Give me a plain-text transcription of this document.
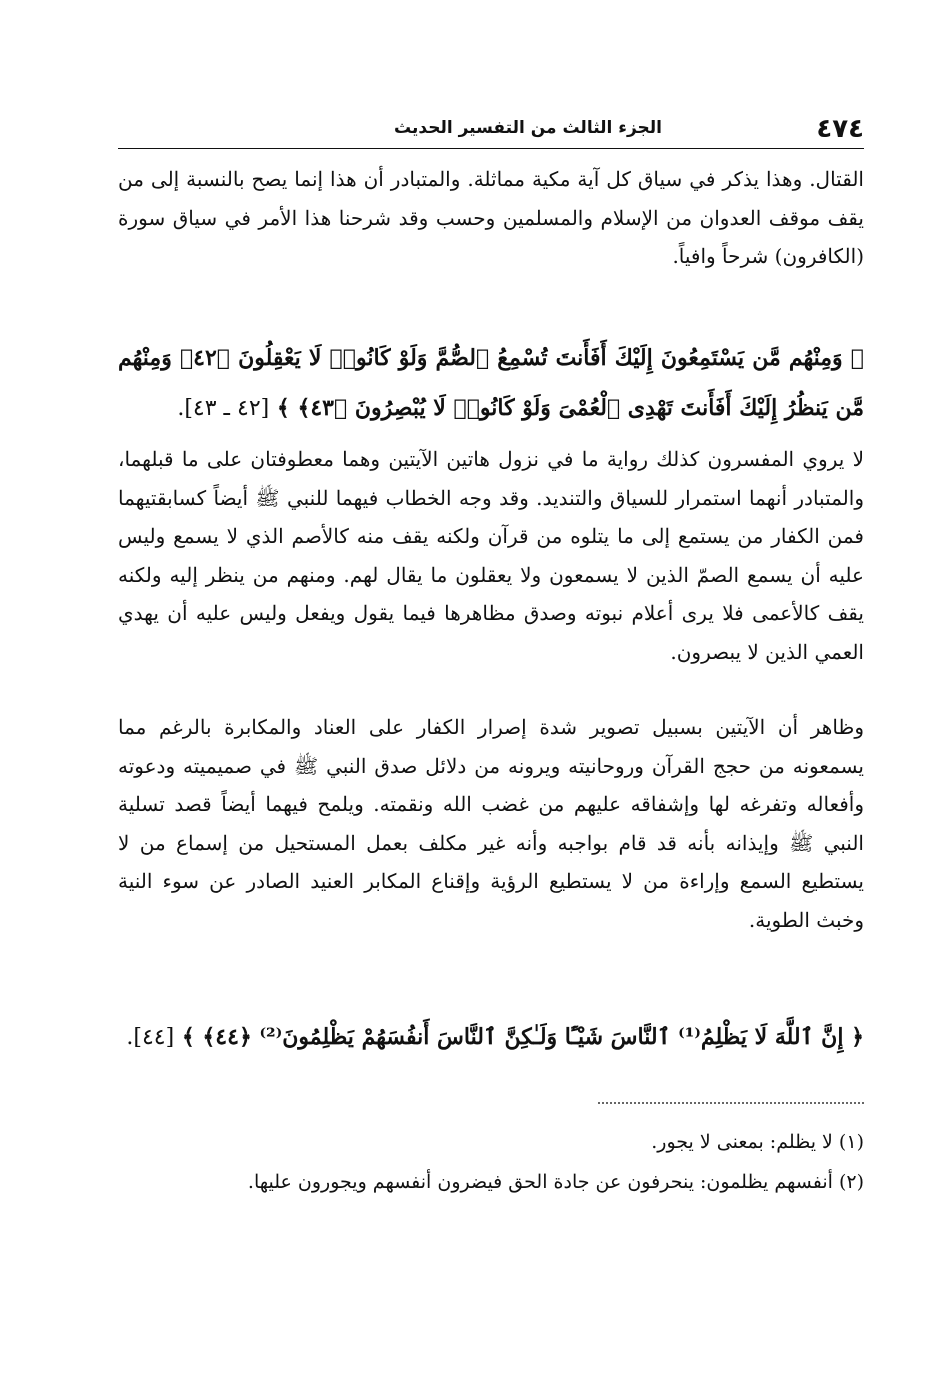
٤٧٤
الجزء الثالث من التفسير الحديث

القتال. وهذا يذكر في سياق كل آية مكية مماثلة. والمتبادر أن هذا إنما يصح بالنسبة إلى من يقف موقف العدوان من الإسلام والمسلمين وحسب وقد شرحنا هذا الأمر في سياق سورة (الكافرون) شرحاً وافياً.

﴿ وَمِنْهُم مَّن يَسْتَمِعُونَ إِلَيْكَ أَفَأَنتَ تُسْمِعُ ٱلصُّمَّ وَلَوْ كَانُوا۟ لَا يَعْقِلُونَ ﴿٤٢﴾ وَمِنْهُم مَّن يَنظُرُ إِلَيْكَ أَفَأَنتَ تَهْدِى ٱلْعُمْىَ وَلَوْ كَانُوا۟ لَا يُبْصِرُونَ ﴿٤٣﴾ ﴾ [٤٢ ـ ٤٣].

لا يروي المفسرون كذلك رواية ما في نزول هاتين الآيتين وهما معطوفتان على ما قبلهما، والمتبادر أنهما استمرار للسياق والتنديد. وقد وجه الخطاب فيهما للنبي ﷺ أيضاً كسابقتيهما فمن الكفار من يستمع إلى ما يتلوه من قرآن ولكنه يقف منه كالأصم الذي لا يسمع وليس عليه أن يسمع الصمّ الذين لا يسمعون ولا يعقلون ما يقال لهم. ومنهم من ينظر إليه ولكنه يقف كالأعمى فلا يرى أعلام نبوته وصدق مظاهرها فيما يقول ويفعل وليس عليه أن يهدي العمي الذين لا يبصرون.

وظاهر أن الآيتين بسبيل تصوير شدة إصرار الكفار على العناد والمكابرة بالرغم مما يسمعونه من حجج القرآن وروحانيته ويرونه من دلائل صدق النبي ﷺ في صميميته ودعوته وأفعاله وتفرغه لها وإشفاقه عليهم من غضب الله ونقمته. ويلمح فيهما أيضاً قصد تسلية النبي ﷺ وإيذانه بأنه قد قام بواجبه وأنه غير مكلف بعمل المستحيل من إسماع من لا يستطيع السمع وإراءة من لا يستطيع الرؤية وإقناع المكابر العنيد الصادر عن سوء النية وخبث الطوية.

﴿ إِنَّ ٱللَّهَ لَا يَظْلِمُ⁽¹⁾ ٱلنَّاسَ شَيْـًٔا وَلَـٰكِنَّ ٱلنَّاسَ أَنفُسَهُمْ يَظْلِمُونَ⁽²⁾ ﴿٤٤﴾ ﴾ [٤٤].

(١) لا يظلم: بمعنى لا يجور.

(٢) أنفسهم يظلمون: ينحرفون عن جادة الحق فيضرون أنفسهم ويجورون عليها.
